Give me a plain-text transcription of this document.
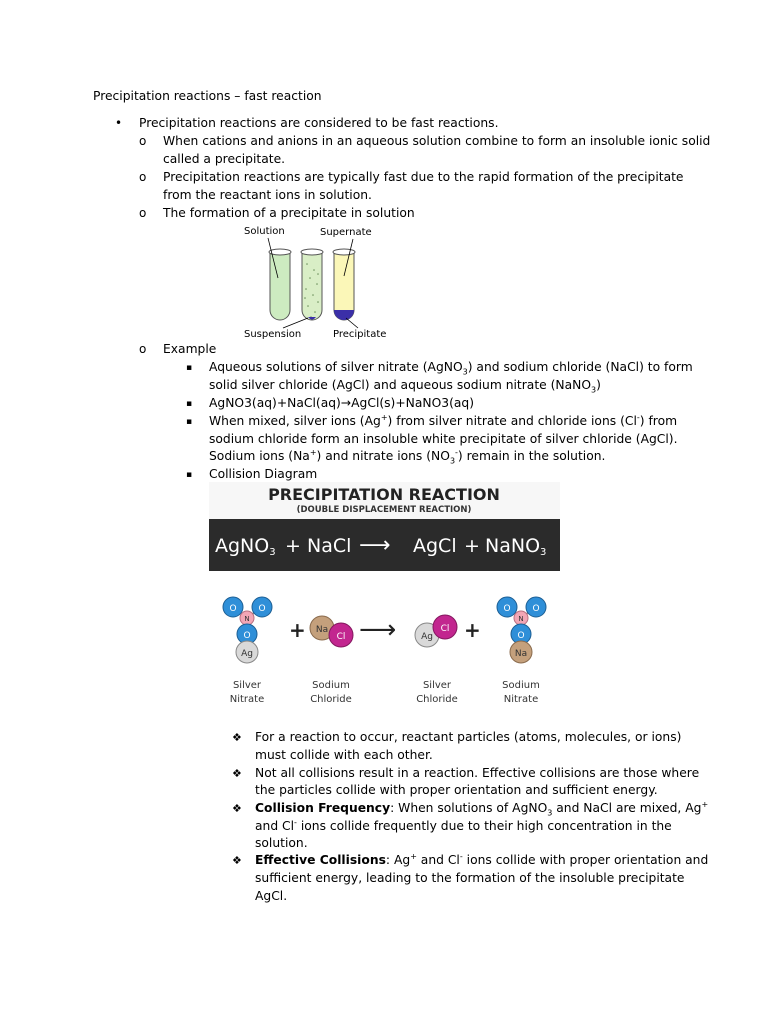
Precipitation reactions – fast reaction
• Precipitation reactions are considered to be fast reactions.
o When cations and anions in an aqueous solution combine to form an insoluble ionic solid
called a precipitate.
o Precipitation reactions are typically fast due to the rapid formation of the precipitate
from the reactant ions in solution.
o The formation of a precipitate in solution
Solution	Supernate
Suspension	Precipitate
o Example
▪ Aqueous solutions of silver nitrate (AgNO$_3$) and sodium chloride (NaCl) to form
solid silver chloride (AgCl) and aqueous sodium nitrate (NaNO$_3$)
▪ AgNO3(aq)+NaCl(aq)→AgCl(s)+NaNO3(aq)
▪ When mixed, silver ions (Ag+) from silver nitrate and chloride ions (Cl-) from
sodium chloride form an insoluble white precipitate of silver chloride (AgCl).
Sodium ions (Na+) and nitrate ions $(NO_3^-)$ remain in the solution.
▪ Collision Diagram
PRECIPITATION REACTION
(DOUBLE DISPLACEMENT REACTION)
AgNO3 + NaCl ⟶ AgCl + NaNO3
O O
N
O
Ag
+ Na
Cl ⟶	Ag
Cl +
O O
N
O
Na
Silver
Nitrate
Sodium
Chloride
Silver
Chloride
Sodium
Nitrate
❖ For a reaction to occur, reactant particles (atoms, molecules, or ions)
must collide with each other.
❖ Not all collisions result in a reaction. Effective collisions are those where
the particles collide with proper orientation and sufficient energy.
❖ Collision Frequency: When solutions of AgNO$_3$ and NaCl are mixed, Ag+
and Cl- ions collide frequently due to their high concentration in the
solution.
❖ Effective Collisions: Ag+ and Cl- ions collide with proper orientation and
sufficient energy, leading to the formation of the insoluble precipitate
AgCl.
